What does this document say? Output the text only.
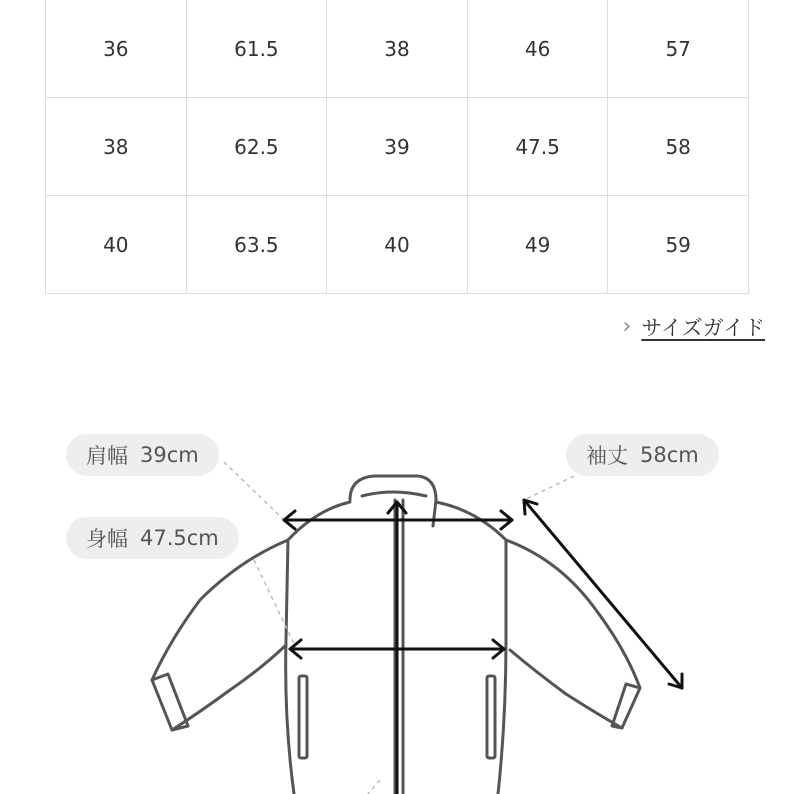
36	61.5	38	46	57
38	62.5	39	47.5	58
40	63.5	40	49	59
› サイズガイド
肩幅 39cm	袖丈 58cm
身幅 47.5cm
